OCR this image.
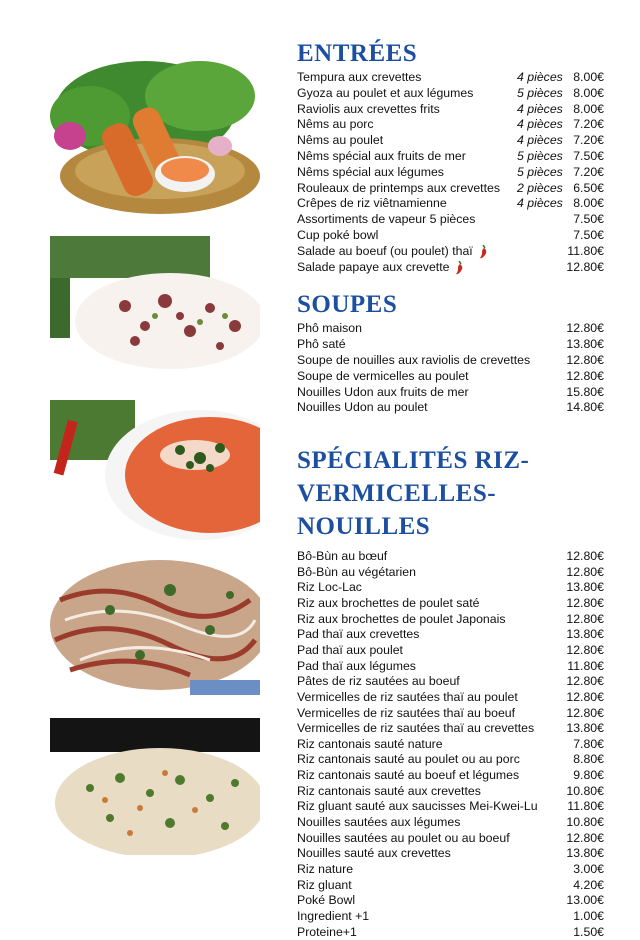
ENTRÉES
Tempura aux crevettes	4 pièces 8.00€
Gyoza au poulet et aux légumes	5 pièces 8.00€
Raviolis aux crevettes frits	4 pièces 8.00€
Nêms au porc	4 pièces 7.20€
Nêms au poulet	4 pièces 7.20€
Nêms spécial aux fruits de mer	5 pièces 7.50€
Nêms spécial aux légumes	5 pièces 7.20€
Rouleaux de printemps aux crevettes 2 pièces 6.50€
Crêpes de riz viêtnamienne	4 pièces 8.00€
Assortiments de vapeur 5 pièces	7.50€
Cup poké bowl	7.50€
Salade au boeuf (ou poulet) thaï	11.80€
Salade papaye aux crevette	12.80€
SOUPES
Phô maison	12.80€
Phô saté	13.80€
Soupe de nouilles aux raviolis de crevettes	12.80€
Soupe de vermicelles au poulet	12.80€
Nouilles Udon aux fruits de mer	15.80€
Nouilles Udon au poulet	14.80€
SPÉCIALITÉS RIZ-
VERMICELLES-NOUILLES
Bô-Bùn au bœuf	12.80€
Bô-Bùn au végétarien	12.80€
Riz Loc-Lac	13.80€
Riz aux brochettes de poulet saté	12.80€
Riz aux brochettes de poulet Japonais	12.80€
Pad thaï aux crevettes	13.80€
Pad thaï aux poulet	12.80€
Pad thaï aux légumes	11.80€
Pâtes de riz sautées au boeuf	12.80€
Vermicelles de riz sautées thaï au poulet	12.80€
Vermicelles de riz sautées thaï au boeuf	12.80€
Vermicelles de riz sautées thaï au crevettes	13.80€
Riz cantonais sauté nature	7.80€
Riz cantonais sauté au poulet ou au porc	8.80€
Riz cantonais sauté au boeuf et légumes	9.80€
Riz cantonais sauté aux crevettes	10.80€
Riz gluant sauté aux saucisses Mei-Kwei-Lu 11.80€
Nouilles sautées aux légumes	10.80€
Nouilles sautées au poulet ou au boeuf	12.80€
Nouilles sauté aux crevettes	13.80€
Riz nature	3.00€
Riz gluant	4.20€
Poké Bowl	13.00€
Ingredient +1	1.00€
Proteine+1	1.50€
